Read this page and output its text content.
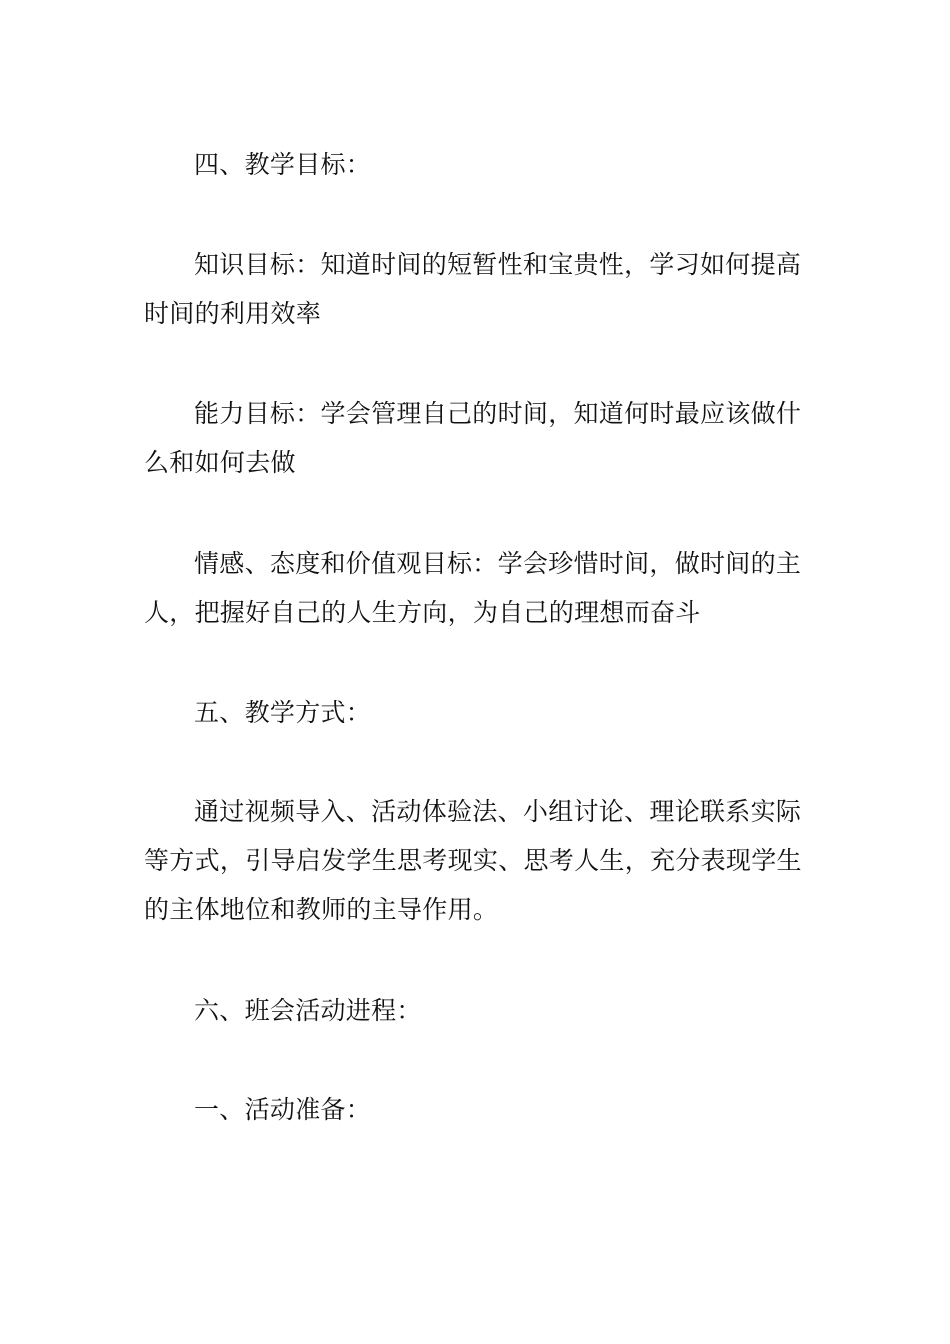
四、教学目标：

知识目标：知道时间的短暂性和宝贵性，学习如何提高时间的利用效率

能力目标：学会管理自己的时间，知道何时最应该做什么和如何去做

情感、态度和价值观目标：学会珍惜时间，做时间的主人，把握好自己的人生方向，为自己的理想而奋斗

五、教学方式：

通过视频导入、活动体验法、小组讨论、理论联系实际等方式，引导启发学生思考现实、思考人生，充分表现学生的主体地位和教师的主导作用。

六、班会活动进程：

一、活动准备：
